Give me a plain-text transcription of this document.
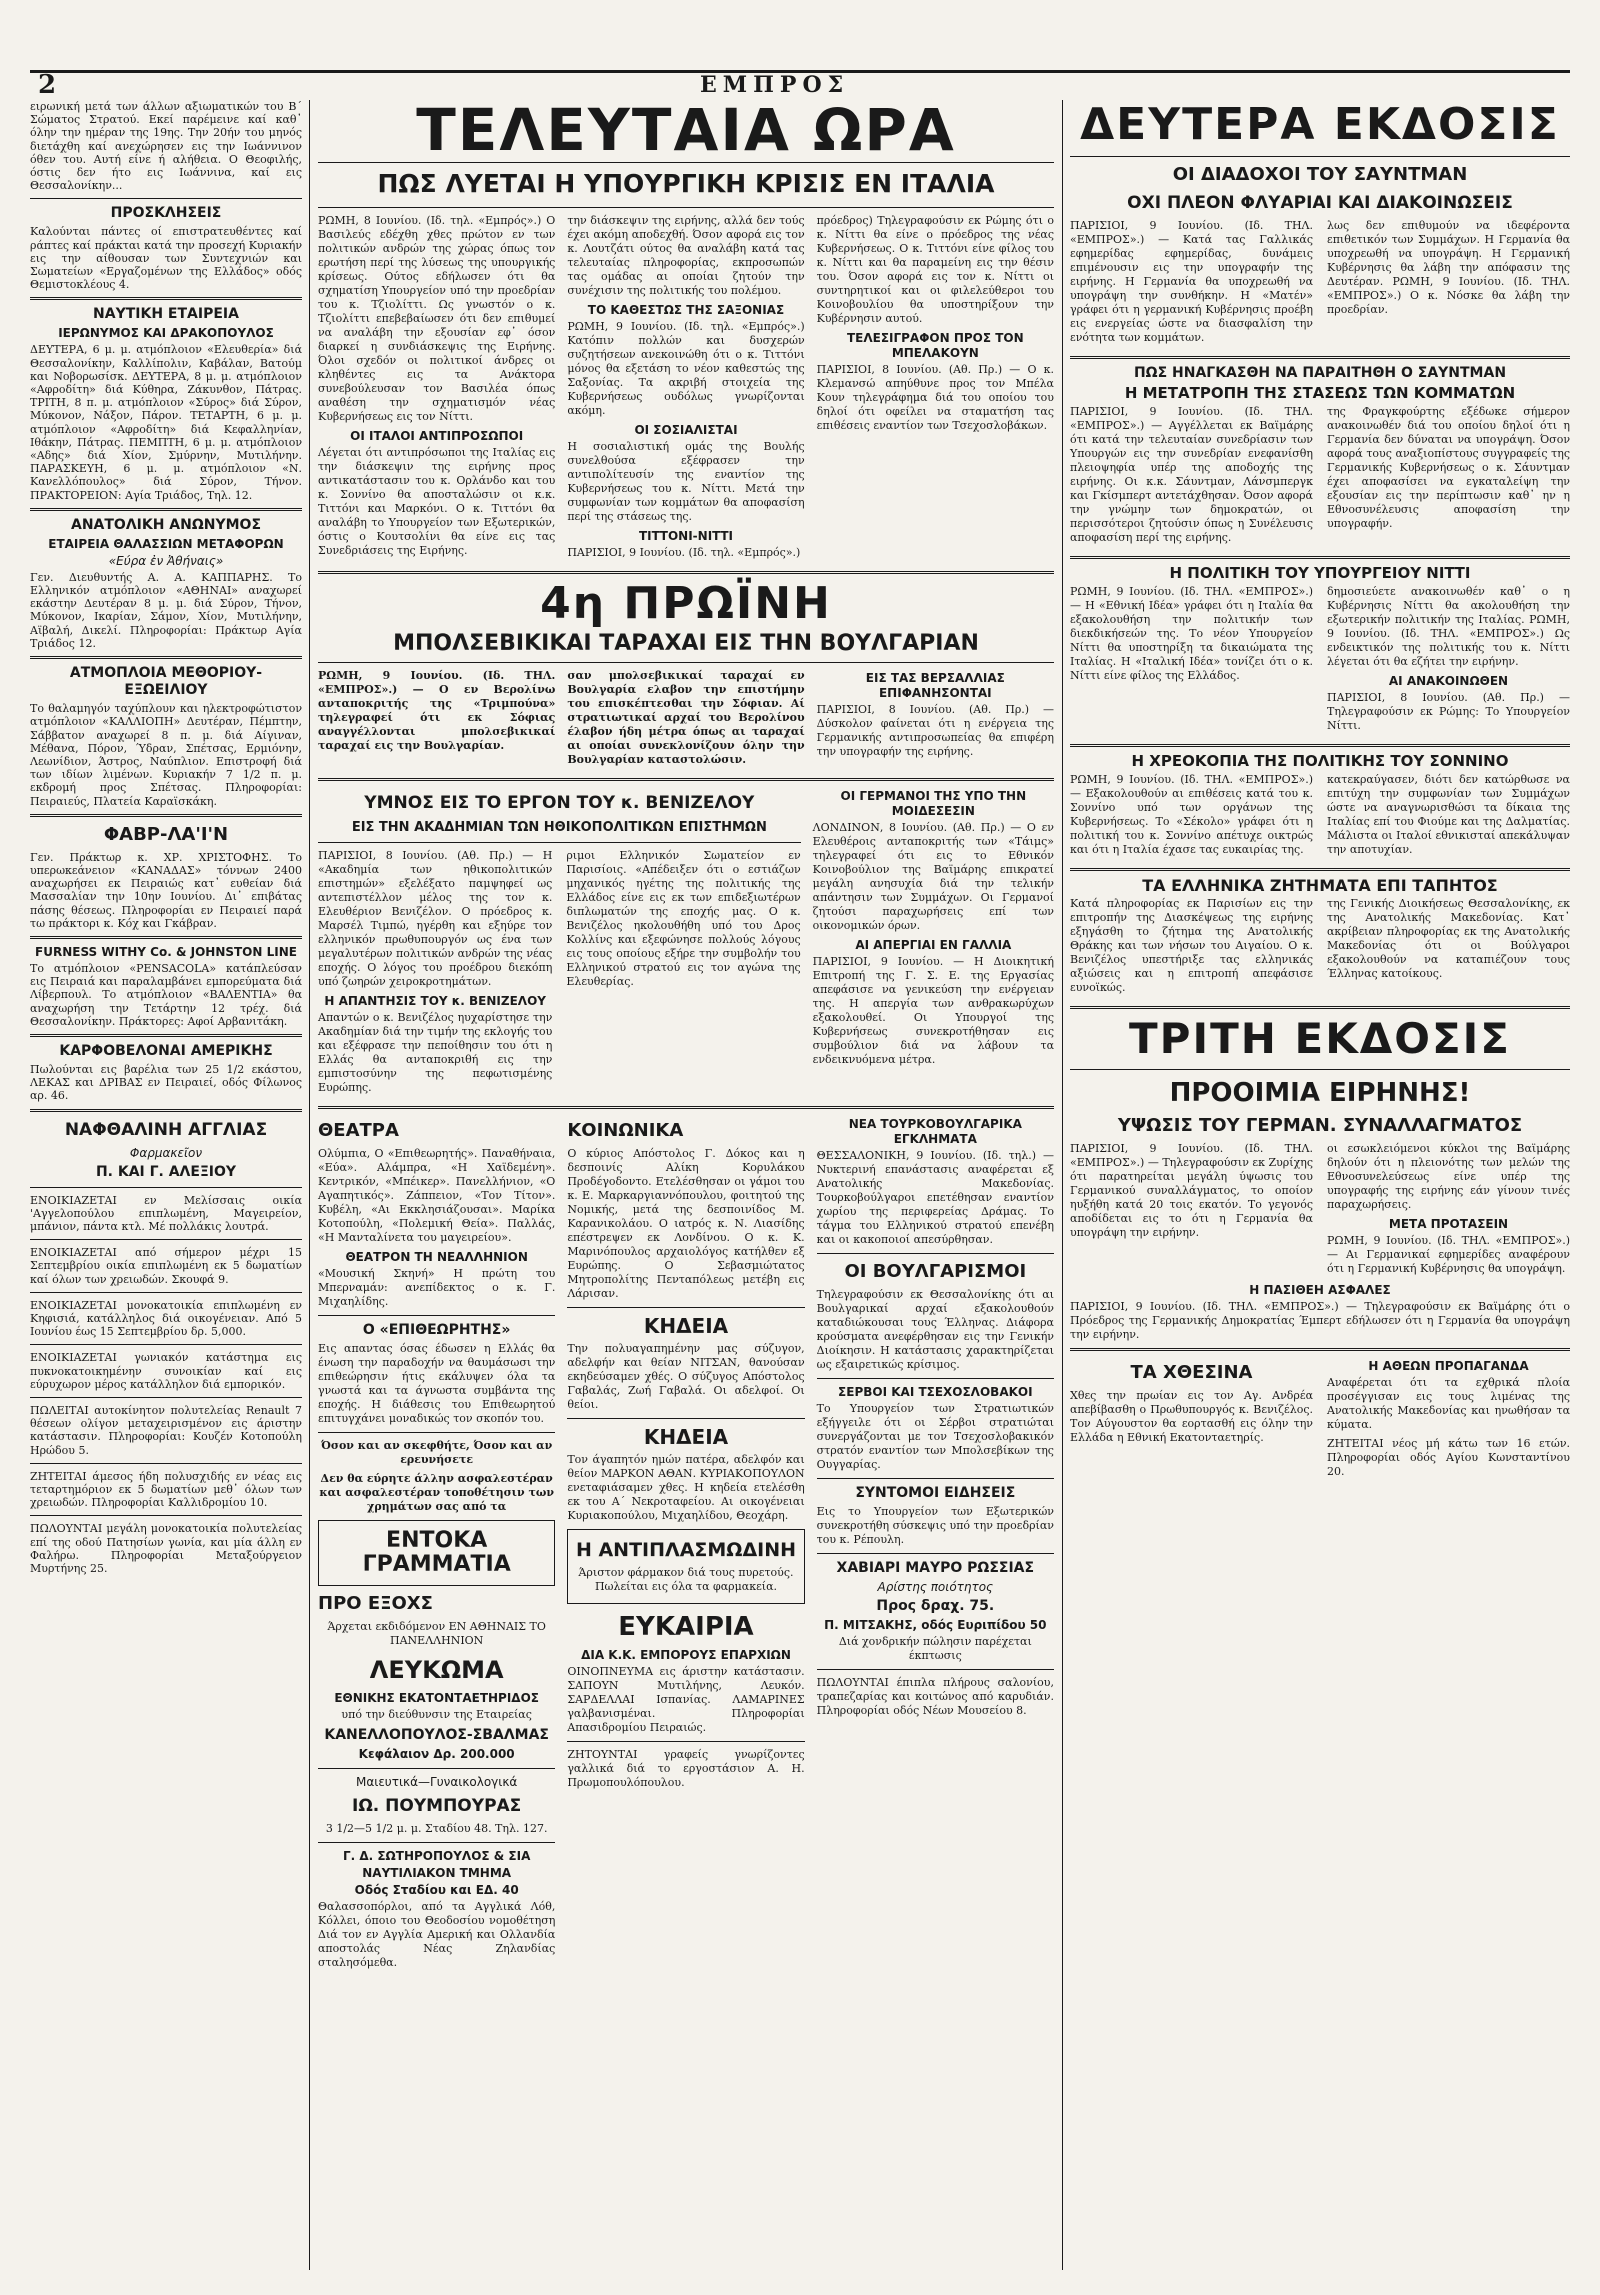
2	ΕΜΠΡΟΣ

ειρωνική μετά των άλλων αξιωματικών του Β΄ Σώματος Στρατού. Εκεί παρέμεινε καί καθ᾿ όλην την ημέραν της 19ης. Την 20ήν του μηνός διετάχθη καί ανεχώρησεν εις την Ιωάννινον όθεν του. Αυτή είνε ή αλήθεια. Ο Θεοφιλής, όστις δεν ήτο εις Ιωάννινα, καί εις Θεσσαλονίκην...

ΠΡΟΣΚΛΗΣΕΙΣ

Καλούνται πάντες οί επιστρατευθέντες καί ράπτες καί πράκται κατά την προσεχή Κυριακήν εις την αίθουσαν των Συντεχνιών και Σωματείων «Εργαζομένων της Ελλάδος» οδός Θεμιστοκλέους 4.

ΝΑΥΤΙΚΗ ΕΤΑΙΡΕΙΑ
ΙΕΡΩΝΥΜΟΣ ΚΑΙ ΔΡΑΚΟΠΟΥΛΟΣ

ΔΕΥΤΕΡΑ, 6 μ. μ. ατμόπλοιον «Ελευθερία» διά Θεσσαλονίκην, Καλλίπολιν, Καβάλαν, Βατούμ και Νοβορωσίσκ. ΔΕΥΤΕΡΑ, 8 μ. μ. ατμόπλοιον «Αφροδίτη» διά Κύθηρα, Ζάκυνθον, Πάτρας. ΤΡΙΤΗ, 8 π. μ. ατμόπλοιον «Σύρος» διά Σύρον, Μύκονον, Νάξον, Πάρον. ΤΕΤΑΡΤΗ, 6 μ. μ. ατμόπλοιον «Αφροδίτη» διά Κεφαλληνίαν, Ιθάκην, Πάτρας. ΠΕΜΠΤΗ, 6 μ. μ. ατμόπλοιον «Αδης» διά Χίον, Σμύρνην, Μυτιλήνην. ΠΑΡΑΣΚΕΥΗ, 6 μ. μ. ατμόπλοιον «Ν. Κανελλόπουλος» διά Σύρον, Τήνον. ΠΡΑΚΤΟΡΕΙΟΝ: Αγία Τριάδος, Τηλ. 12.

ΑΝΑΤΟΛΙΚΗ ΑΝΩΝΥΜΟΣ
ΕΤΑΙΡΕΙΑ ΘΑΛΑΣΣΙΩΝ ΜΕΤΑΦΟΡΩΝ
«Εύρα ἐν Ἀθήναις»

Γεν. Διευθυντής Α. Α. ΚΑΠΠΑΡΗΣ. Το Ελληνικόν ατμόπλοιον «ΑΘΗΝΑΙ» αναχωρεί εκάστην Δευτέραν 8 μ. μ. διά Σύρον, Τήνον, Μύκονον, Ικαρίαν, Σάμον, Χίον, Μυτιλήνην, Αϊβαλή, Δικελί. Πληροφορίαι: Πράκτωρ Αγία Τριάδος 12.

ΑΤΜΟΠΛΟΙΑ ΜΕΘΟΡΙΟΥ-ΕΞΩΕΙΛΙΟΥ

Το θαλαμηγόν ταχύπλουν και ηλεκτροφώτιστον ατμόπλοιον «ΚΑΛΛΙΟΠΗ» Δευτέραν, Πέμπτην, Σάββατον αναχωρεί 8 π. μ. διά Αίγιναν, Μέθανα, Πόρον, Ύδραν, Σπέτσας, Ερμιόνην, Λεωνίδιον, Άστρος, Ναύπλιον. Επιστροφή διά των ιδίων λιμένων. Κυριακήν 7 1/2 π. μ. εκδρομή προς Σπέτσας. Πληροφορίαι: Πειραιεύς, Πλατεία Καραϊσκάκη.

ΦΑΒΡ-ΛΑ'Ι'Ν

Γεν. Πράκτωρ κ. ΧΡ. ΧΡΙΣΤΟΦΗΣ. Το υπερωκεάνειον «ΚΑΝΑΔΑΣ» τόννων 2400 αναχωρήσει εκ Πειραιώς κατ᾿ ευθείαν διά Μασσαλίαν την 10ην Ιουνίου. Δι᾿ επιβάτας πάσης θέσεως. Πληροφορίαι εν Πειραιεί παρά τω πράκτορι κ. Κόχ και Γκάβραν.

FURNESS WITHY Co. & JOHNSTON LINE

Το ατμόπλοιον «PENSACOLA» κατάπλεύσαν εις Πειραιά και παραλαμβάνει εμπορεύματα διά Λίβερπουλ. Το ατμόπλοιον «ΒΑΛΕΝΤΙΑ» θα αναχωρήση την Τετάρτην 12 τρέχ. διά Θεσσαλονίκην. Πράκτορες: Αφοί Αρβανιτάκη.

ΚΑΡΦΟΒΕΛΟΝΑΙ ΑΜΕΡΙΚΗΣ

Πωλούνται εις βαρέλια των 25 1/2 εκάστου, ΛΕΚΑΣ και ΔΡΙΒΑΣ εν Πειραιεί, οδός Φίλωνος αρ. 46.

ΝΑΦΘΑΛΙΝΗ ΑΓΓΛΙΑΣ
Φαρμακεῖον
Π. ΚΑΙ Γ. ΑΛΕΞΙΟΥ

ΕΝΟΙΚΙΑΖΕΤΑΙ εν Μελίσσαις οικία 'Αγγελοπούλου επιπλωμένη, Μαγειρείον, μπάνιον, πάντα κτλ. Μέ πολλάκις λουτρά.

ΕΝΟΙΚΙΑΖΕΤΑΙ από σήμερον μέχρι 15 Σεπτεμβρίου οικία επιπλωμένη εκ 5 δωματίων καί όλων των χρειωδών. Σκουφά 9.

ΕΝΟΙΚΙΑΖΕΤΑΙ μονοκατοικία επιπλωμένη εν Κηφισιά, κατάλληλος διά οικογένειαν. Από 5 Ιουνίου έως 15 Σεπτεμβρίου δρ. 5,000.

ΕΝΟΙΚΙΑΖΕΤΑΙ γωνιακόν κατάστημα εις πυκνοκατοικημένην συνοικίαν καί εις εύρυχωρον μέρος κατάλληλον διά εμπορικόν.

ΠΩΛΕΙΤΑΙ αυτοκίνητον πολυτελείας Renault 7 θέσεων ολίγον μεταχειρισμένον εις άριστην κατάστασιν. Πληροφορίαι: Κουζέν Κοτοπούλη Ηρώδου 5.

ΖΗΤΕΙΤΑΙ άμεσος ήδη πολυσχιδής εν νέας εις τεταρτημόριον εκ 5 δωματίων μεθ᾿ όλων των χρειωδών. Πληροφορίαι Καλλιδρομίου 10.

ΠΩΛΟΥΝΤΑΙ μεγάλη μονοκατοικία πολυτελείας επί της οδού Πατησίων γωνία, και μία άλλη εν Φαλήρω. Πληροφορίαι Μεταξούργειον Μυρτήνης 25.

ΤΕΛΕΥΤΑΙΑ ΩΡΑ
ΠΩΣ ΛΥΕΤΑΙ Η ΥΠΟΥΡΓΙΚΗ ΚΡΙΣΙΣ ΕΝ ΙΤΑΛΙΑ

ΡΩΜΗ, 8 Ιουνίου. (Ιδ. τηλ. «Εμπρός».) Ο Βασιλεύς εδέχθη χθες πρώτον εν των πολιτικών ανδρών της χώρας όπως τον ερωτήση περί της λύσεως της υπουργικής κρίσεως. Ούτος εδήλωσεν ότι θα σχηματίση Υπουργείον υπό την προεδρίαν του κ. Τζιολίττι. Ως γνωστόν ο κ. Τζιολίττι επεβεβαίωσεν ότι δεν επιθυμεί να αναλάβη την εξουσίαν εφ᾿ όσον διαρκεί η συνδιάσκεψις της Ειρήνης. Όλοι σχεδόν οι πολιτικοί άνδρες οι κληθέντες εις τα Ανάκτορα συνεβούλευσαν τον Βασιλέα όπως αναθέση την σχηματισμόν νέας Κυβερνήσεως εις τον Νίττι.

ΟΙ ΙΤΑΛΟΙ ΑΝΤΙΠΡΟΣΩΠΟΙ

Λέγεται ότι αντιπρόσωποι της Ιταλίας εις την διάσκεψιν της ειρήνης προς αντικατάστασιν του κ. Ορλάνδο και του κ. Σοννίνο θα αποσταλώσιν οι κ.κ. Τιττόνι και Μαρκόνι. Ο κ. Τιττόνι θα αναλάβη το Υπουργείον των Εξωτερικών, όστις ο Κουτσολίνι θα είνε εις τας Συνεδριάσεις της Ειρήνης.

την διάσκεψιν της ειρήνης, αλλά δεν τούς έχει ακόμη αποδεχθή. Όσον αφορά εις τον κ. Λουτζάτι ούτος θα αναλάβη κατά τας τελευταίας πληροφορίας, εκπροσωπών τας ομάδας αι οποίαι ζητούν την συνέχισιν της πολιτικής του πολέμου.

ΤΟ ΚΑΘΕΣΤΩΣ ΤΗΣ ΣΑΞΟΝΙΑΣ

ΡΩΜΗ, 9 Ιουνίου. (Ιδ. τηλ. «Εμπρός».) Κατόπιν πολλών και δυσχερών συζητήσεων ανεκοινώθη ότι ο κ. Τιττόνι μόνος θα εξετάση το νέον καθεστώς της Σαξονίας. Τα ακριβή στοιχεία της Κυβερνήσεως ουδόλως γνωρίζονται ακόμη.

ΟΙ ΣΟΣΙΑΛΙΣΤΑΙ

Η σοσιαλιστική ομάς της Βουλής συνελθούσα εξέφρασεν την αντιπολίτευσίν της εναντίον της Κυβερνήσεως του κ. Νίττι. Μετά την συμφωνίαν των κομμάτων θα αποφασίση περί της στάσεως της.

ΤΙΤΤΟΝΙ-ΝΙΤΤΙ

ΠΑΡΙΣΙΟΙ, 9 Ιουνίου. (Ιδ. τηλ. «Εμπρός».)

πρόεδρος) Τηλεγραφούσιν εκ Ρώμης ότι ο κ. Νίττι θα είνε ο πρόεδρος της νέας Κυβερνήσεως. Ο κ. Τιττόνι είνε φίλος του κ. Νίττι και θα παραμείνη εις την θέσιν του. Όσον αφορά εις τον κ. Νίττι οι συντηρητικοί και οι φιλελεύθεροι του Κοινοβουλίου θα υποστηρίξουν την Κυβέρνησιν αυτού.

ΤΕΛΕΣΙΓΡΑΦΟΝ ΠΡΟΣ ΤΟΝ ΜΠΕΛΑΚΟΥΝ

ΠΑΡΙΣΙΟΙ, 8 Ιουνίου. (Αθ. Πρ.) — Ο κ. Κλεμανσώ απηύθυνε προς τον Μπέλα Κουν τηλεγράφημα διά του οποίου του δηλοί ότι οφείλει να σταματήση τας επιθέσεις εναντίον των Τσεχοσλοβάκων.

4η ΠΡΩΪΝΗ
ΜΠΟΛΣΕΒΙΚΙΚΑΙ ΤΑΡΑΧΑΙ ΕΙΣ ΤΗΝ ΒΟΥΛΓΑΡΙΑΝ

ΡΩΜΗ, 9 Ιουνίου. (Ιδ. ΤΗΛ. «ΕΜΠΡΟΣ».) — Ο εν Βερολίνω ανταποκριτής της «Τριμπούνα» τηλεγραφεί ότι εκ Σόφιας αναγγέλλονται μπολσεβικικαί ταραχαί εις την Βουλγαρίαν.

σαν μπολσεβικικαί ταραχαί εν Βουλγαρία ελαβον την επιστήμην του επισκέπτεσθαι την Σόφιαν. Αί στρατιωτικαί αρχαί του Βερολίνου έλαβον ήδη μέτρα όπως αι ταραχαί αι οποίαι συνεκλονίζουν όλην την Βουλγαρίαν καταστολώσιν.

ΕΙΣ ΤΑΣ ΒΕΡΣΑΛΛΙΑΣ ΕΠΙΦΑΝΗΣΟΝΤΑΙ

ΠΑΡΙΣΙΟΙ, 8 Ιουνίου. (Αθ. Πρ.) — Δύσκολον φαίνεται ότι η ενέργεια της Γερμανικής αντιπροσωπείας θα επιφέρη την υπογραφήν της ειρήνης.

ΥΜΝΟΣ ΕΙΣ ΤΟ ΕΡΓΟΝ ΤΟΥ κ. ΒΕΝΙΖΕΛΟΥ
ΕΙΣ ΤΗΝ ΑΚΑΔΗΜΙΑΝ ΤΩΝ ΗΘΙΚΟΠΟΛΙΤΙΚΩΝ ΕΠΙΣΤΗΜΩΝ

ΠΑΡΙΣΙΟΙ, 8 Ιουνίου. (Αθ. Πρ.) — Η «Ακαδημία των ηθικοπολιτικών επιστημών» εξελέξατο παμψηφεί ως αντεπιστέλλον μέλος της τον κ. Ελευθέριον Βενιζέλον. Ο πρόεδρος κ. Μαρσέλ Τιμπώ, ηγέρθη και εξηύρε τον ελληνικόν πρωθυπουργόν ως ένα των μεγαλυτέρων πολιτικών ανδρών της νέας εποχής. Ο λόγος του προέδρου διεκόπη υπό ζωηρών χειροκροτημάτων.

Η ΑΠΑΝΤΗΣΙΣ ΤΟΥ κ. ΒΕΝΙΖΕΛΟΥ

Απαντών ο κ. Βενιζέλος ηυχαρίστησε την Ακαδημίαν διά την τιμήν της εκλογής του και εξέφρασε την πεποίθησιν του ότι η Ελλάς θα ανταποκριθή εις την εμπιστοσύνην της πεφωτισμένης Ευρώπης.

ριμοι Ελληνικόν Σωματείον εν Παρισίοις. «Απέδειξεν ότι ο εστιάζων μηχανικός ηγέτης της πολιτικής της Ελλάδος είνε εις εκ των επιδεξιωτέρων διπλωματών της εποχής μας. Ο κ. Βενιζέλος ηκολουθήθη υπό του Δρος Κολλίνς και εξεφώνησε πολλούς λόγους εις τους οποίους εξήρε την συμβολήν του Ελληνικού στρατού εις τον αγώνα της Ελευθερίας.

ΟΙ ΓΕΡΜΑΝΟΙ ΤΗΣ ΥΠΟ ΤΗΝ ΜΟΙΔΕΣΕΣΙΝ

ΛΟΝΔΙΝΟΝ, 8 Ιουνίου. (Αθ. Πρ.) — Ο εν Ελευθέροις ανταποκριτής των «Τάιμς» τηλεγραφεί ότι εις το Εθνικόν Κοινοβούλιον της Βαϊμάρης επικρατεί μεγάλη ανησυχία διά την τελικήν απάντησιν των Συμμάχων. Οι Γερμανοί ζητούσι παραχωρήσεις επί των οικονομικών όρων.

ΑΙ ΑΠΕΡΓΙΑΙ ΕΝ ΓΑΛΛΙΑ

ΠΑΡΙΣΙΟΙ, 9 Ιουνίου. — Η Διοικητική Επιτροπή της Γ. Σ. Ε. της Εργασίας απεφάσισε να γενικεύση την ενέργειαν της. Η απεργία των ανθρακωρύχων εξακολουθεί. Οι Υπουργοί της Κυβερνήσεως συνεκροτήθησαν εις συμβούλιον διά να λάβουν τα ενδεικνυόμενα μέτρα.

ΘΕΑΤΡΑ

Ολύμπια, Ο «Επιθεωρητής». Παναθήναια, «Εύα». Αλάμπρα, «Η Χαϊδεμένη». Κεντρικόν, «Μπέικερ». Πανελλήνιον, «Ο Αγαπητικός». Ζάππειον, «Τον Τίτον». Κυβέλη, «Αι Εκκλησιάζουσαι». Μαρίκα Κοτοπούλη, «Πολεμική Θεία». Παλλάς, «Η Μανταλίνετα του μαγειρείου».

ΘΕΑΤΡΟΝ ΤΗ ΝΕΑΛΛΗΝΙΟΝ

«Μουσική Σκηνή» Η πρώτη του Μπερναμάν: ανεπίδεκτος ο κ. Γ. Μιχαηλίδης.

Ο «ΕΠΙΘΕΩΡΗΤΗΣ»

Εις απαντας όσας έδωσεν η Ελλάς θα ένωση την παραδοχήν να θαυμάσωσι την επιθεώρησιν ήτις εκάλυψεν όλα τα γνωστά και τα άγνωστα συμβάντα της εποχής. Η διάθεσις του Επιθεωρητού επιτυγχάνει μοναδικώς τον σκοπόν του.

Όσον και αν σκεφθήτε, Όσον και αν ερευνήσετε

Δεν θα εύρητε άλλην ασφαλεστέραν και ασφαλεστέραν τοποθέτησιν των χρημάτων σας από τα

ΕΝΤΟΚΑ ΓΡΑΜΜΑΤΙΑ
ΠΡΟ ΕΞΟΧΣ

Άρχεται εκδιδόμενον ΕΝ ΑΘΗΝΑΙΣ ΤΟ ΠΑΝΕΛΛΗΝΙΟΝ

ΛΕΥΚΩΜΑ
ΕΘΝΙΚΗΣ ΕΚΑΤΟΝΤΑΕΤΗΡΙΔΟΣ

υπό την διεύθυνσιν της Εταιρείας

ΚΑΝΕΛΛΟΠΟΥΛΟΣ-ΣΒΑΛΜΑΣ
Κεφάλαιον Δρ. 200.000
Μαιευτικά—Γυναικολογικά
ΙΩ. ΠΟΥΜΠΟΥΡΑΣ

3 1/2—5 1/2 μ. μ. Σταδίου 48. Τηλ. 127.

Γ. Δ. ΣΩΤΗΡΟΠΟΥΛΟΣ & ΣΙΑ
ΝΑΥΤΙΛΙΑΚΟΝ ΤΜΗΜΑ
Οδός Σταδίου και ΕΔ. 40

Θαλασσοπόρλοι, από τα Αγγλικά Λόθ, Κόλλει, όποιο του Θεοδοσίου νομοθέτηση Διά τον εν Αγγλία Αμερική και Ολλανδία αποστολάς Νέας Ζηλανδίας σταλησόμεθα.

ΚΟΙΝΩΝΙΚΑ

Ο κύριος Απόστολος Γ. Δόκος και η δεσποινίς Αλίκη Κορυλάκου Προδέγοδοντο. Ετελέσθησαν οι γάμοι του κ. Ε. Μαρκαργιαννόπουλου, φοιτητού της Νομικής, μετά της δεσποινίδος Μ. Καρανικολάου. Ο ιατρός κ. Ν. Λιασίδης επέστρεψεν εκ Λονδίνου. Ο κ. Κ. Μαρινόπουλος αρχαιολόγος κατήλθεν εξ Ευρώπης. Ο Σεβασμιώτατος Μητροπολίτης Πενταπόλεως μετέβη εις Λάρισαν.

ΚΗΔΕΙΑ

Την πολυαγαπημένην μας σύζυγον, αδελφήν και θείαν ΝΙΤΣΑΝ, θανούσαν εκηδεύσαμεν χθές. Ο σύζυγος Απόστολος Γαβαλάς, Ζωή Γαβαλά. Οι αδελφοί. Οι θείοι.

ΚΗΔΕΙΑ

Τον άγαπητόν ημών πατέρα, αδελφόν και θείον ΜΑΡΚΟΝ ΑΘΑΝ. ΚΥΡΙΑΚΟΠΟΥΛΟΝ ενεταφιάσαμεν χθες. Η κηδεία ετελέσθη εκ του Α΄ Νεκροταφείου. Αι οικογένειαι Κυριακοπούλου, Μιχαηλίδου, Θεοχάρη.

Η ΑΝΤΙΠΛΑΣΜΩΔΙΝΗ

Άριστον φάρμακον διά τους πυρετούς. Πωλείται εις όλα τα φαρμακεία.

ΕΥΚΑΙΡΙΑ
ΔΙΑ Κ.Κ. ΕΜΠΟΡΟΥΣ ΕΠΑΡΧΙΩΝ

ΟΙΝΟΠΝΕΥΜΑ εις άριστην κατάστασιν. ΣΑΠΟΥΝ Μυτιλήνης, Λευκόν. ΣΑΡΔΕΛΛΑΙ Ισπανίας. ΛΑΜΑΡΙΝΕΣ γαλβανισμέναι. Πληροφορίαι Απασιδρομίου Πειραιώς.

ΖΗΤΟΥΝΤΑΙ γραφείς γνωρίζοντες γαλλικά διά το εργοστάσιον Α. Η. Πρωμοπουλόπουλου.

ΝΕΑ ΤΟΥΡΚΟΒΟΥΛΓΑΡΙΚΑ ΕΓΚΛΗΜΑΤΑ

ΘΕΣΣΑΛΟΝΙΚΗ, 9 Ιουνίου. (Ιδ. τηλ.) — Νυκτερινή επανάστασις αναφέρεται εξ Ανατολικής Μακεδονίας. Τουρκοβούλγαροι επετέθησαν εναντίον χωρίου της περιφερείας Δράμας. Το τάγμα του Ελληνικού στρατού επενέβη και οι κακοποιοί απεσύρθησαν.

ΟΙ ΒΟΥΛΓΑΡΙΣΜΟΙ

Τηλεγραφούσιν εκ Θεσσαλονίκης ότι αι Βουλγαρικαί αρχαί εξακολουθούν καταδιώκουσαι τους Έλληνας. Διάφορα κρούσματα ανεφέρθησαν εις την Γενικήν Διοίκησιν. Η κατάστασις χαρακτηρίζεται ως εξαιρετικώς κρίσιμος.

ΣΕΡΒΟΙ ΚΑΙ ΤΣΕΧΟΣΛΟΒΑΚΟΙ

Το Υπουργείον των Στρατιωτικών εξήγγειλε ότι οι Σέρβοι στρατιώται συνεργάζονται με τον Τσεχοσλοβακικόν στρατόν εναντίον των Μπολσεβίκων της Ουγγαρίας.

ΣΥΝΤΟΜΟΙ ΕΙΔΗΣΕΙΣ

Εις το Υπουργείον των Εξωτερικών συνεκροτήθη σύσκεψις υπό την προεδρίαν του κ. Ρέπουλη.

ΧΑΒΙΑΡΙ ΜΑΥΡΟ ΡΩΣΣΙΑΣ
Αρίστης ποιότητος
Προς δραχ. 75.
Π. ΜΙΤΣΑΚΗΣ, οδός Ευριπίδου 50

Διά χονδρικήν πώλησιν παρέχεται έκπτωσις

ΠΩΛΟΥΝΤΑΙ έπιπλα πλήρους σαλονίου, τραπεζαρίας και κοιτώνος από καρυδιάν. Πληροφορίαι οδός Νέων Μουσείου 8.

ΔΕΥΤΕΡΑ ΕΚΔΟΣΙΣ
ΟΙ ΔΙΑΔΟΧΟΙ ΤΟΥ ΣΑΥΝΤΜΑΝ
ΟΧΙ ΠΛΕΟΝ ΦΛΥΑΡΙΑΙ ΚΑΙ ΔΙΑΚΟΙΝΩΣΕΙΣ

ΠΑΡΙΣΙΟΙ, 9 Ιουνίου. (Ιδ. ΤΗΛ. «ΕΜΠΡΟΣ».) — Κατά τας Γαλλικάς εφημερίδας εφημερίδας, δυνάμεις επιμένουσιν εις την υπογραφήν της ειρήνης. Η Γερμανία θα υποχρεωθή να υπογράψη την συνθήκην. Η «Ματέν» γράφει ότι η γερμανική Κυβέρνησις προέβη εις ενεργείας ώστε να διασφαλίση την ενότητα των κομμάτων.

λως δεν επιθυμούν να ιδεφέροντα επιθετικόν των Συμμάχων. Η Γερμανία θα υποχρεωθή να υπογράψη. Η Γερμανική Κυβέρνησις θα λάβη την απόφασιν της Δευτέραν. ΡΩΜΗ, 9 Ιουνίου. (Ιδ. ΤΗΛ. «ΕΜΠΡΟΣ».) Ο κ. Νόσκε θα λάβη την προεδρίαν.

ΠΩΣ ΗΝΑΓΚΑΣΘΗ ΝΑ ΠΑΡΑΙΤΗΘΗ Ο ΣΑΥΝΤΜΑΝ
Η ΜΕΤΑΤΡΟΠΗ ΤΗΣ ΣΤΑΣΕΩΣ ΤΩΝ ΚΟΜΜΑΤΩΝ

ΠΑΡΙΣΙΟΙ, 9 Ιουνίου. (Ιδ. ΤΗΛ. «ΕΜΠΡΟΣ».) — Αγγέλλεται εκ Βαϊμάρης ότι κατά την τελευταίαν συνεδρίασιν των Υπουργών εις την συνεδρίαν ενεφανίσθη πλειοψηφία υπέρ της αποδοχής της ειρήνης. Οι κ.κ. Σάυντμαν, Λάνσμπεργκ και Γκίσμπερτ αντετάχθησαν. Όσον αφορά την γνώμην των δημοκρατών, οι περισσότεροι ζητούσιν όπως η Συνέλευσις αποφασίση περί της ειρήνης.

της Φραγκφούρτης εξέδωκε σήμερον ανακοινωθέν διά του οποίου δηλοί ότι η Γερμανία δεν δύναται να υπογράψη. Όσον αφορά τους αναξιοπίστους συγγραφείς της Γερμανικής Κυβερνήσεως ο κ. Σάυντμαν έχει αποφασίσει να εγκαταλείψη την εξουσίαν εις την περίπτωσιν καθ᾿ ην η Εθνοσυνέλευσις αποφασίση την υπογραφήν.

Η ΠΟΛΙΤΙΚΗ ΤΟΥ ΥΠΟΥΡΓΕΙΟΥ ΝΙΤΤΙ

ΡΩΜΗ, 9 Ιουνίου. (Ιδ. ΤΗΛ. «ΕΜΠΡΟΣ».) — Η «Εθνική Ιδέα» γράφει ότι η Ιταλία θα εξακολουθήση την πολιτικήν των διεκδικήσεών της. Το νέον Υπουργείον Νίττι θα υποστηρίξη τα δικαιώματα της Ιταλίας. Η «Ιταλική Ιδέα» τονίζει ότι ο κ. Νίττι είνε φίλος της Ελλάδος.

δημοσιεύετε ανακοινωθέν καθ᾿ ο η Κυβέρνησις Νίττι θα ακολουθήση την εξωτερικήν πολιτικήν της Ιταλίας. ΡΩΜΗ, 9 Ιουνίου. (Ιδ. ΤΗΛ. «ΕΜΠΡΟΣ».) Ως ενδεικτικόν της πολιτικής του κ. Νίττι λέγεται ότι θα εζήτει την ειρήνην.

ΑΙ ΑΝΑΚΟΙΝΩΘΕΝ

ΠΑΡΙΣΙΟΙ, 8 Ιουνίου. (Αθ. Πρ.) — Τηλεγραφούσιν εκ Ρώμης: Το Υπουργείον Νίττι.

Η ΧΡΕΟΚΟΠΙΑ ΤΗΣ ΠΟΛΙΤΙΚΗΣ ΤΟΥ ΣΟΝΝΙΝΟ

ΡΩΜΗ, 9 Ιουνίου. (Ιδ. ΤΗΛ. «ΕΜΠΡΟΣ».) — Εξακολουθούν αι επιθέσεις κατά του κ. Σοννίνο υπό των οργάνων της Κυβερνήσεως. Το «Σέκολο» γράφει ότι η πολιτική του κ. Σοννίνο απέτυχε οικτρώς και ότι η Ιταλία έχασε τας ευκαιρίας της.

κατεκραύγασεν, διότι δεν κατώρθωσε να επιτύχη την συμφωνίαν των Συμμάχων ώστε να αναγνωρισθώσι τα δίκαια της Ιταλίας επί του Φιούμε και της Δαλματίας. Μάλιστα οι Ιταλοί εθνικισταί απεκάλυψαν την αποτυχίαν.

ΤΑ ΕΛΛΗΝΙΚΑ ΖΗΤΗΜΑΤΑ ΕΠΙ ΤΑΠΗΤΟΣ

Κατά πληροφορίας εκ Παρισίων εις την επιτροπήν της Διασκέψεως της ειρήνης εξηγάσθη το ζήτημα της Ανατολικής Θράκης και των νήσων του Αιγαίου. Ο κ. Βενιζέλος υπεστήριξε τας ελληνικάς αξιώσεις και η επιτροπή απεφάσισε ευνοϊκώς.

της Γενικής Διοικήσεως Θεσσαλονίκης, εκ της Ανατολικής Μακεδονίας. Κατ᾿ ακρίβειαν πληροφορίας εκ της Ανατολικής Μακεδονίας ότι οι Βούλγαροι εξακολουθούν να καταπιέζουν τους Έλληνας κατοίκους.

ΤΡΙΤΗ ΕΚΔΟΣΙΣ
ΠΡΟΟΙΜΙΑ ΕΙΡΗΝΗΣ!
ΥΨΩΣΙΣ ΤΟΥ ΓΕΡΜΑΝ. ΣΥΝΑΛΛΑΓΜΑΤΟΣ

ΠΑΡΙΣΙΟΙ, 9 Ιουνίου. (Ιδ. ΤΗΛ. «ΕΜΠΡΟΣ».) — Τηλεγραφούσιν εκ Ζυρίχης ότι παρατηρείται μεγάλη ύψωσις του Γερμανικού συναλλάγματος, το οποίον ηυξήθη κατά 20 τοις εκατόν. Το γεγονός αποδίδεται εις το ότι η Γερμανία θα υπογράψη την ειρήνην.

οι εσωκλειόμενοι κύκλοι της Βαϊμάρης δηλούν ότι η πλειονότης των μελών της Εθνοσυνελεύσεως είνε υπέρ της υπογραφής της ειρήνης εάν γίνουν τινές παραχωρήσεις.

ΜΕΤΑ ΠΡΟΤΑΣΕΙΝ

ΡΩΜΗ, 9 Ιουνίου. (Ιδ. ΤΗΛ. «ΕΜΠΡΟΣ».) — Αι Γερμανικαί εφημερίδες αναφέρουν ότι η Γερμανική Κυβέρνησις θα υπογράψη.

Η ΠΑΣΙΘΕΗ ΑΣΦΑΛΕΣ

ΠΑΡΙΣΙΟΙ, 9 Ιουνίου. (Ιδ. ΤΗΛ. «ΕΜΠΡΟΣ».) — Τηλεγραφούσιν εκ Βαϊμάρης ότι ο Πρόεδρος της Γερμανικής Δημοκρατίας Έμπερτ εδήλωσεν ότι η Γερμανία θα υπογράψη την ειρήνην.

ΤΑ ΧΘΕΣΙΝΑ

Χθες την πρωίαν εις τον Αγ. Ανδρέα απεβίβασθη ο Πρωθυπουργός κ. Βενιζέλος. Τον Αύγουστον θα εορτασθή εις όλην την Ελλάδα η Εθνική Εκατονταετηρίς.

Η ΑΘΕΩΝ ΠΡΟΠΑΓΑΝΔΑ

Αναφέρεται ότι τα εχθρικά πλοία προσέγγισαν εις τους λιμένας της Ανατολικής Μακεδονίας και ηνωθήσαν τα κύματα.

ΖΗΤΕΙΤΑΙ νέος μή κάτω των 16 ετών. Πληροφορίαι οδός Αγίου Κωνσταντίνου 20.
